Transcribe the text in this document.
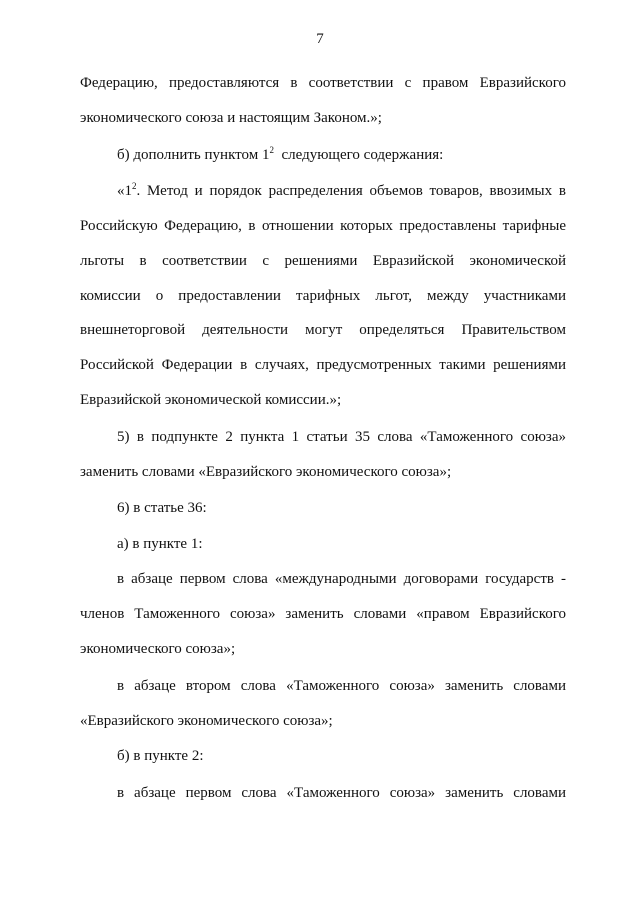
7
Федерацию, предоставляются в соответствии с правом Евразийского
экономического союза и настоящим Законом.»;
б) дополнить пунктом $1^2$ следующего содержания:
«$1^2$. Метод и порядок распределения объемов товаров, ввозимых в
Российскую Федерацию, в отношении которых предоставлены тарифные
льготы в соответствии с решениями Евразийской экономической
комиссии о предоставлении тарифных льгот, между участниками
внешнеторговой деятельности могут определяться Правительством
Российской Федерации в случаях, предусмотренных такими решениями
Евразийской экономической комиссии.»;
5) в подпункте 2 пункта 1 статьи 35 слова «Таможенного союза»
заменить словами «Евразийского экономического союза»;
6) в статье 36:
а) в пункте 1:
в абзаце первом слова «международными договорами государств -
членов Таможенного союза» заменить словами «правом Евразийского
экономического союза»;
в абзаце втором слова «Таможенного союза» заменить словами
«Евразийского экономического союза»;
б) в пункте 2:
в абзаце первом слова «Таможенного союза» заменить словами
